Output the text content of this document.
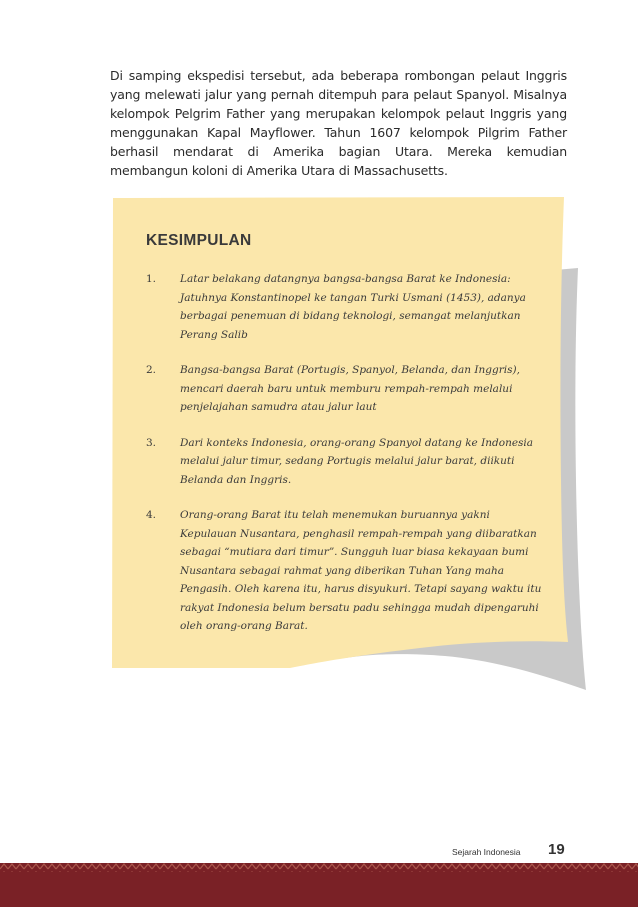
Di samping ekspedisi tersebut, ada beberapa rombongan pelaut Inggris yang melewati jalur yang pernah ditempuh para pelaut Spanyol. Misalnya kelompok Pelgrim Father yang merupakan kelompok pelaut Inggris yang menggunakan Kapal Mayflower. Tahun 1607 kelompok Pilgrim Father berhasil mendarat di Amerika bagian Utara. Mereka kemudian membangun koloni di Amerika Utara di Massachusetts.

KESIMPULAN
1. Latar belakang datangnya bangsa-bangsa Barat ke Indonesia: Jatuhnya Konstantinopel ke tangan Turki Usmani (1453), adanya berbagai penemuan di bidang teknologi, semangat melanjutkan Perang Salib
2. Bangsa-bangsa Barat (Portugis, Spanyol, Belanda, dan Inggris), mencari daerah baru untuk memburu rempah-rempah melalui penjelajahan samudra atau jalur laut
3. Dari konteks Indonesia, orang-orang Spanyol datang ke Indonesia melalui jalur timur, sedang Portugis melalui jalur barat, diikuti Belanda dan Inggris.
4. Orang-orang Barat itu telah menemukan buruannya yakni Kepulauan Nusantara, penghasil rempah-rempah yang diibaratkan sebagai “mutiara dari timur”. Sungguh luar biasa kekayaan bumi Nusantara sebagai rahmat yang diberikan Tuhan Yang maha Pengasih. Oleh karena itu, harus disyukuri. Tetapi sayang waktu itu rakyat Indonesia belum bersatu padu sehingga mudah dipengaruhi oleh orang-orang Barat.
Sejarah Indonesia 19
